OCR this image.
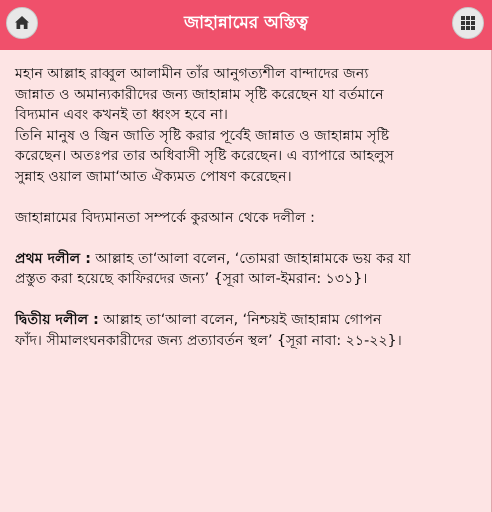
জাহান্নামের অস্তিত্ব

মহান আল্লাহ রাব্বুল আলামীন তাঁর আনুগত্যশীল বান্দাদের জন্য
জান্নাত ও অমান্যকারীদের জন্য জাহান্নাম সৃষ্টি করেছেন যা বর্তমানে
বিদ্যমান এবং কখনই তা ধ্বংস হবে না।

তিনি মানুষ ও জ্বিন জাতি সৃষ্টি করার পূর্বেই জান্নাত ও জাহান্নাম সৃষ্টি
করেছেন। অতঃপর তার অধিবাসী সৃষ্টি করেছেন। এ ব্যাপারে আহলুস
সুন্নাহ ওয়াল জামা‘আত ঐক্যমত পোষণ করেছেন।

জাহান্নামের বিদ্যমানতা সম্পর্কে কুরআন থেকে দলীল :

প্রথম দলীল : আল্লাহ তা‘আলা বলেন, ‘তোমরা জাহান্নামকে ভয় কর যা
প্রস্তুত করা হয়েছে কাফিরদের জন্য’ {সূরা আল-ইমরান: ১৩১}।

দ্বিতীয় দলীল : আল্লাহ তা‘আলা বলেন, ‘নিশ্চয়ই জাহান্নাম গোপন
ফাঁদ। সীমালংঘনকারীদের জন্য প্রত্যাবর্তন স্থল’ {সূরা নাবা: ২১-২২}।
